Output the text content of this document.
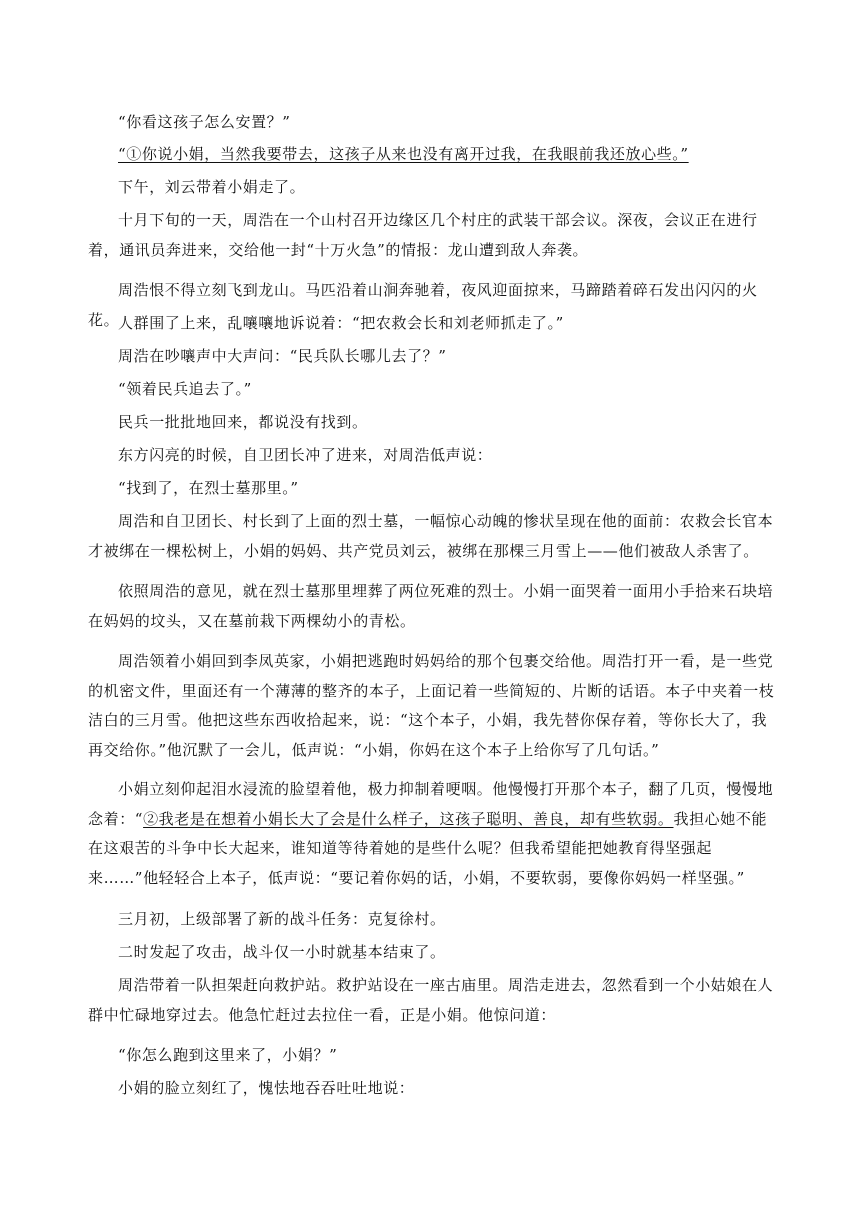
“你看这孩子怎么安置？”

“①你说小娟，当然我要带去，这孩子从来也没有离开过我，在我眼前我还放心些。”

下午，刘云带着小娟走了。

十月下旬的一天，周浩在一个山村召开边缘区几个村庄的武装干部会议。深夜，会议正在进行着，通讯员奔进来，交给他一封“十万火急”的情报：龙山遭到敌人奔袭。

周浩恨不得立刻飞到龙山。马匹沿着山涧奔驰着，夜风迎面掠来，马蹄踏着碎石发出闪闪的火花。

人群围了上来，乱嚷嚷地诉说着：“把农救会长和刘老师抓走了。”

周浩在吵嚷声中大声问：“民兵队长哪儿去了？”

“领着民兵追去了。”

民兵一批批地回来，都说没有找到。

东方闪亮的时候，自卫团长冲了进来，对周浩低声说：

“找到了，在烈士墓那里。”

周浩和自卫团长、村长到了上面的烈士墓，一幅惊心动魄的惨状呈现在他的面前：农救会长官本才被绑在一棵松树上，小娟的妈妈、共产党员刘云，被绑在那棵三月雪上——他们被敌人杀害了。

依照周浩的意见，就在烈士墓那里埋葬了两位死难的烈士。小娟一面哭着一面用小手拾来石块培在妈妈的坟头，又在墓前栽下两棵幼小的青松。

周浩领着小娟回到李凤英家，小娟把逃跑时妈妈给的那个包裹交给他。周浩打开一看，是一些党的机密文件，里面还有一个薄薄的整齐的本子，上面记着一些简短的、片断的话语。本子中夹着一枝洁白的三月雪。他把这些东西收拾起来，说：“这个本子，小娟，我先替你保存着，等你长大了，我再交给你。”他沉默了一会儿，低声说：“小娟，你妈在这个本子上给你写了几句话。”

小娟立刻仰起泪水浸流的脸望着他，极力抑制着哽咽。他慢慢打开那个本子，翻了几页，慢慢地念着：“②我老是在想着小娟长大了会是什么样子，这孩子聪明、善良，却有些软弱。我担心她不能在这艰苦的斗争中长大起来，谁知道等待着她的是些什么呢？但我希望能把她教育得坚强起来……”他轻轻合上本子，低声说：“要记着你妈的话，小娟，不要软弱，要像你妈妈一样坚强。”

三月初，上级部署了新的战斗任务：克复徐村。

二时发起了攻击，战斗仅一小时就基本结束了。

周浩带着一队担架赶向救护站。救护站设在一座古庙里。周浩走进去，忽然看到一个小姑娘在人群中忙碌地穿过去。他急忙赶过去拉住一看，正是小娟。他惊问道：

“你怎么跑到这里来了，小娟？”

小娟的脸立刻红了，愧怯地吞吞吐吐地说：
